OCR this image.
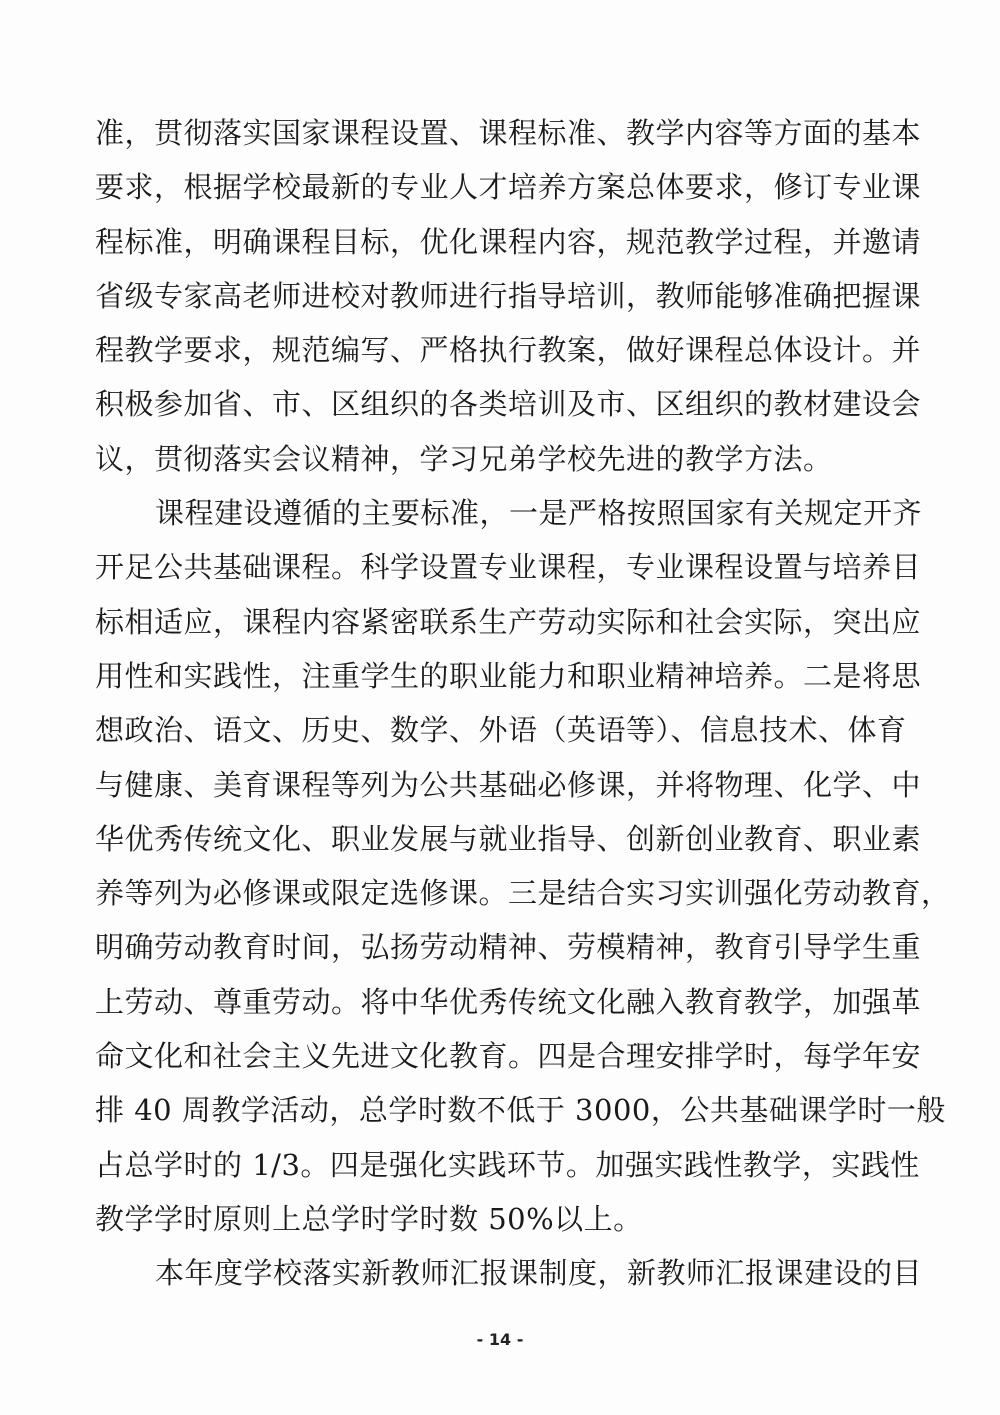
准，贯彻落实国家课程设置、课程标准、教学内容等方面的基本
要求，根据学校最新的专业人才培养方案总体要求，修订专业课
程标准，明确课程目标，优化课程内容，规范教学过程，并邀请
省级专家高老师进校对教师进行指导培训，教师能够准确把握课
程教学要求，规范编写、严格执行教案，做好课程总体设计。并
积极参加省、市、区组织的各类培训及市、区组织的教材建设会
议，贯彻落实会议精神，学习兄弟学校先进的教学方法。
课程建设遵循的主要标准，一是严格按照国家有关规定开齐
开足公共基础课程。科学设置专业课程，专业课程设置与培养目
标相适应，课程内容紧密联系生产劳动实际和社会实际，突出应
用性和实践性，注重学生的职业能力和职业精神培养。二是将思
想政治、语文、历史、数学、外语（英语等）、信息技术、体育
与健康、美育课程等列为公共基础必修课，并将物理、化学、中
华优秀传统文化、职业发展与就业指导、创新创业教育、职业素
养等列为必修课或限定选修课。三是结合实习实训强化劳动教育，
明确劳动教育时间，弘扬劳动精神、劳模精神，教育引导学生重
上劳动、尊重劳动。将中华优秀传统文化融入教育教学，加强革
命文化和社会主义先进文化教育。四是合理安排学时，每学年安
排 40 周教学活动，总学时数不低于 3000，公共基础课学时一般
占总学时的 1/3。四是强化实践环节。加强实践性教学，实践性
教学学时原则上总学时学时数 50%以上。
本年度学校落实新教师汇报课制度，新教师汇报课建设的目
- 14 -
